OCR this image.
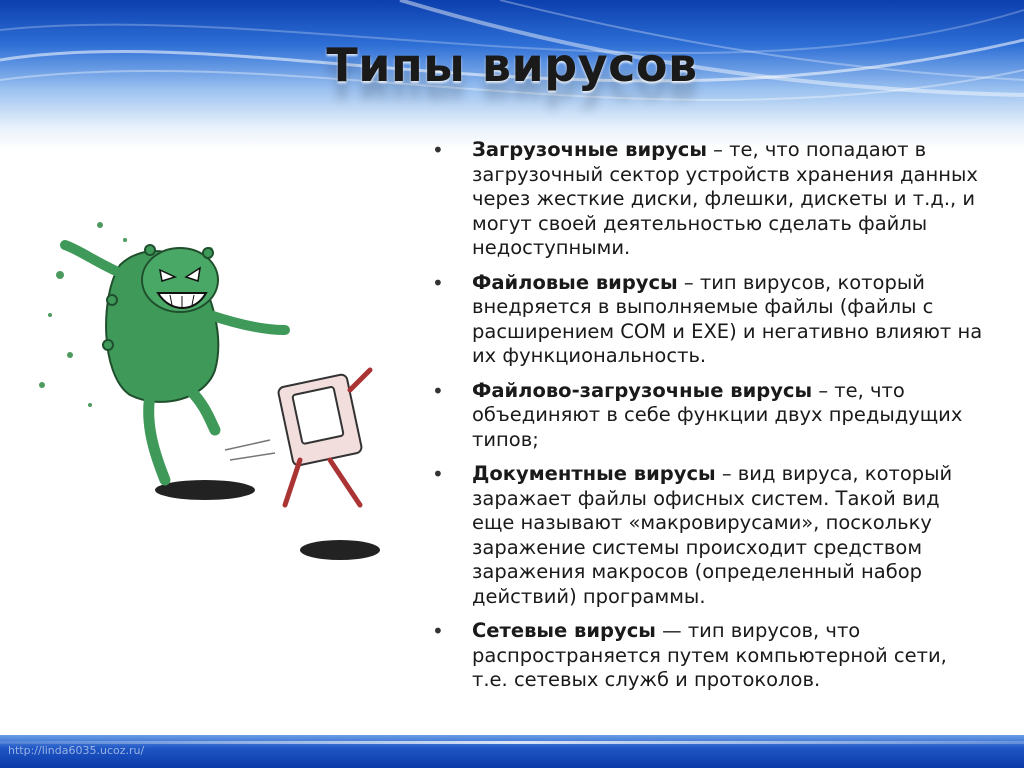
Типы вирусов
• Загрузочные вирусы – те, что попадают в загрузочный сектор устройств хранения данных через жесткие диски, флешки, дискеты и т.д., и могут своей деятельностью сделать файлы недоступными.
• Файловые вирусы – тип вирусов, который внедряется в выполняемые файлы (файлы с расширением COM и EXE) и негативно влияют на их функциональность.
• Файлово-загрузочные вирусы – те, что объединяют в себе функции двух предыдущих типов;
• Документные вирусы – вид вируса, который заражает файлы офисных систем. Такой вид еще называют «макровирусами», поскольку заражение системы происходит средством заражения макросов (определенный набор действий) программы.
• Сетевые вирусы — тип вирусов, что распространяется путем компьютерной сети, т.е. сетевых служб и протоколов.
http://linda6035.ucoz.ru/
